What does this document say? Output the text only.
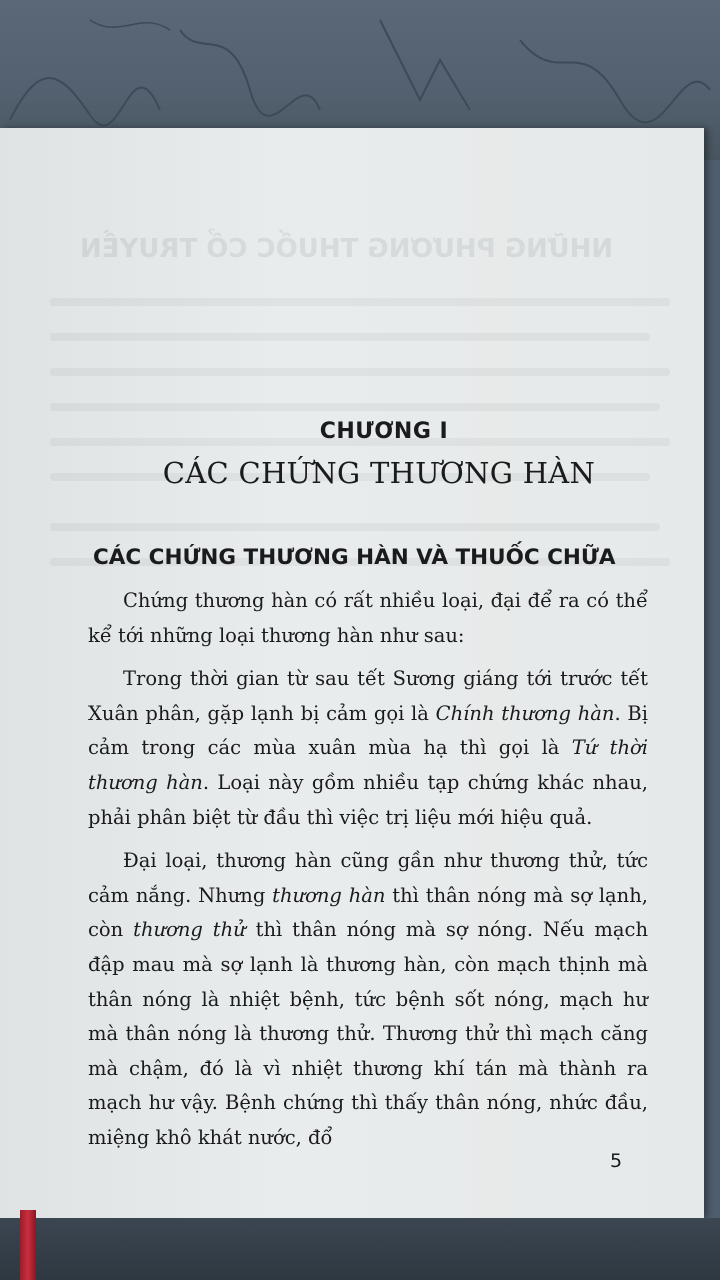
NHỮNG PHƯƠNG THUỐC CỔ TRUYỀN
CHƯƠNG I
CÁC CHỨNG THƯƠNG HÀN
CÁC CHỨNG THƯƠNG HÀN VÀ THUỐC CHỮA

Chứng thương hàn có rất nhiều loại, đại để ra có thể kể tới những loại thương hàn như sau:

Trong thời gian từ sau tết Sương giáng tới trước tết Xuân phân, gặp lạnh bị cảm gọi là Chính thương hàn. Bị cảm trong các mùa xuân mùa hạ thì gọi là Tứ thời thương hàn. Loại này gồm nhiều tạp chứng khác nhau, phải phân biệt từ đầu thì việc trị liệu mới hiệu quả.

Đại loại, thương hàn cũng gần như thương thử, tức cảm nắng. Nhưng thương hàn thì thân nóng mà sợ lạnh, còn thương thử thì thân nóng mà sợ nóng. Nếu mạch đập mau mà sợ lạnh là thương hàn, còn mạch thịnh mà thân nóng là nhiệt bệnh, tức bệnh sốt nóng, mạch hư mà thân nóng là thương thử. Thương thử thì mạch căng mà chậm, đó là vì nhiệt thương khí tán mà thành ra mạch hư vậy. Bệnh chứng thì thấy thân nóng, nhức đầu, miệng khô khát nước, đổ

5
